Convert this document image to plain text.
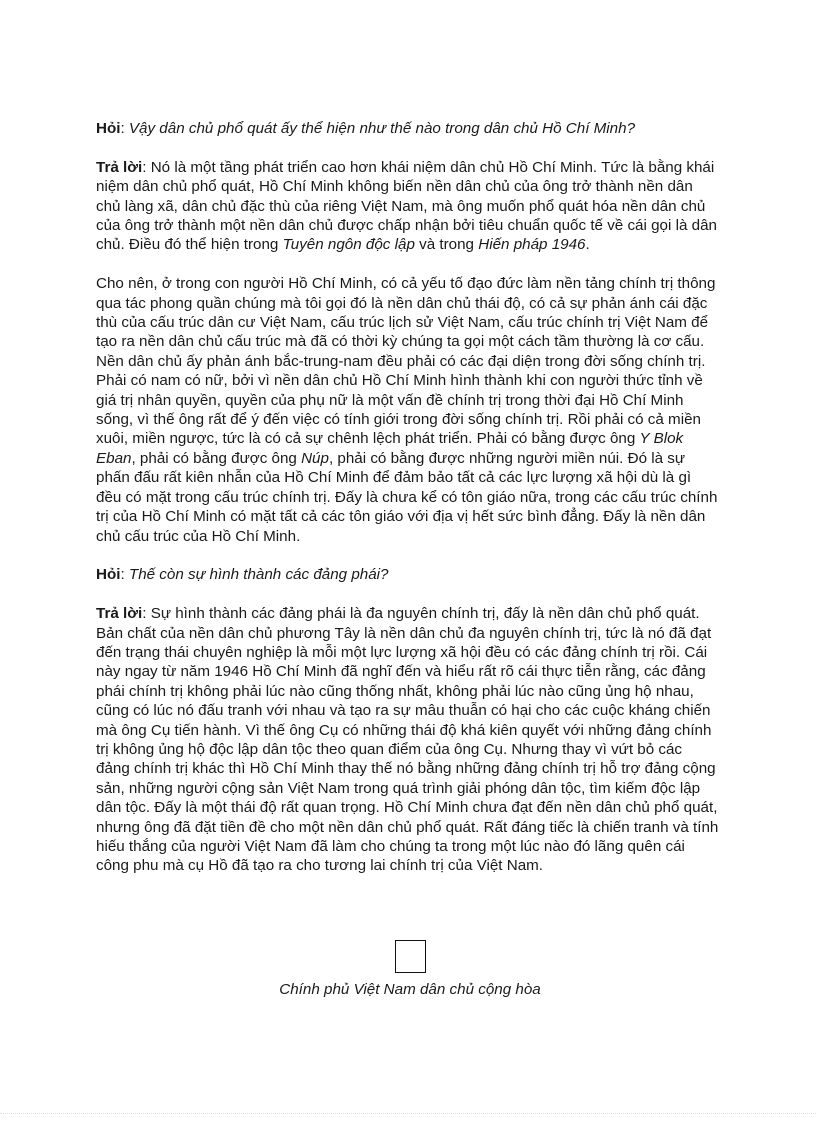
Hỏi: Vậy dân chủ phổ quát ấy thể hiện như thế nào trong dân chủ Hồ Chí Minh?

Trả lời: Nó là một tầng phát triển cao hơn khái niệm dân chủ Hồ Chí Minh. Tức là bằng khái niệm dân chủ phổ quát, Hồ Chí Minh không biến nền dân chủ của ông trở thành nền dân chủ làng xã, dân chủ đặc thù của riêng Việt Nam, mà ông muốn phổ quát hóa nền dân chủ của ông trở thành một nền dân chủ được chấp nhận bởi tiêu chuẩn quốc tế về cái gọi là dân chủ. Điều đó thể hiện trong Tuyên ngôn độc lập và trong Hiến pháp 1946.

Cho nên, ở trong con người Hồ Chí Minh, có cả yếu tố đạo đức làm nền tảng chính trị thông qua tác phong quần chúng mà tôi gọi đó là nền dân chủ thái độ, có cả sự phản ánh cái đặc thù của cấu trúc dân cư Việt Nam, cấu trúc lịch sử Việt Nam, cấu trúc chính trị Việt Nam để tạo ra nền dân chủ cấu trúc mà đã có thời kỳ chúng ta gọi một cách tầm thường là cơ cấu. Nền dân chủ ấy phản ánh bắc-trung-nam đều phải có các đại diện trong đời sống chính trị. Phải có nam có nữ, bởi vì nền dân chủ Hồ Chí Minh hình thành khi con người thức tỉnh về giá trị nhân quyền, quyền của phụ nữ là một vấn đề chính trị trong thời đại Hồ Chí Minh sống, vì thế ông rất để ý đến việc có tính giới trong đời sống chính trị. Rồi phải có cả miền xuôi, miền ngược, tức là có cả sự chênh lệch phát triển. Phải có bằng được ông Y Blok Eban, phải có bằng được ông Núp, phải có bằng được những người miền núi. Đó là sự phấn đấu rất kiên nhẫn của Hồ Chí Minh để đảm bảo tất cả các lực lượng xã hội dù là gì đều có mặt trong cấu trúc chính trị. Đấy là chưa kể có tôn giáo nữa, trong các cấu trúc chính trị của Hồ Chí Minh có mặt tất cả các tôn giáo với địa vị hết sức bình đẳng. Đấy là nền dân chủ cấu trúc của Hồ Chí Minh.

Hỏi: Thế còn sự hình thành các đảng phái?

Trả lời: Sự hình thành các đảng phái là đa nguyên chính trị, đấy là nền dân chủ phổ quát. Bản chất của nền dân chủ phương Tây là nền dân chủ đa nguyên chính trị, tức là nó đã đạt đến trạng thái chuyên nghiệp là mỗi một lực lượng xã hội đều có các đảng chính trị rồi. Cái này ngay từ năm 1946 Hồ Chí Minh đã nghĩ đến và hiểu rất rõ cái thực tiễn rằng, các đảng phái chính trị không phải lúc nào cũng thống nhất, không phải lúc nào cũng ủng hộ nhau, cũng có lúc nó đấu tranh với nhau và tạo ra sự mâu thuẫn có hại cho các cuộc kháng chiến mà ông Cụ tiến hành. Vì thế ông Cụ có những thái độ khá kiên quyết với những đảng chính trị không ủng hộ độc lập dân tộc theo quan điểm của ông Cụ. Nhưng thay vì vứt bỏ các đảng chính trị khác thì Hồ Chí Minh thay thế nó bằng những đảng chính trị hỗ trợ đảng cộng sản, những người cộng sản Việt Nam trong quá trình giải phóng dân tộc, tìm kiếm độc lập dân tộc. Đấy là một thái độ rất quan trọng. Hồ Chí Minh chưa đạt đến nền dân chủ phổ quát, nhưng ông đã đặt tiền đề cho một nền dân chủ phổ quát. Rất đáng tiếc là chiến tranh và tính hiếu thắng của người Việt Nam đã làm cho chúng ta trong một lúc nào đó lãng quên cái công phu mà cụ Hồ đã tạo ra cho tương lai chính trị của Việt Nam.

Chính phủ Việt Nam dân chủ cộng hòa
